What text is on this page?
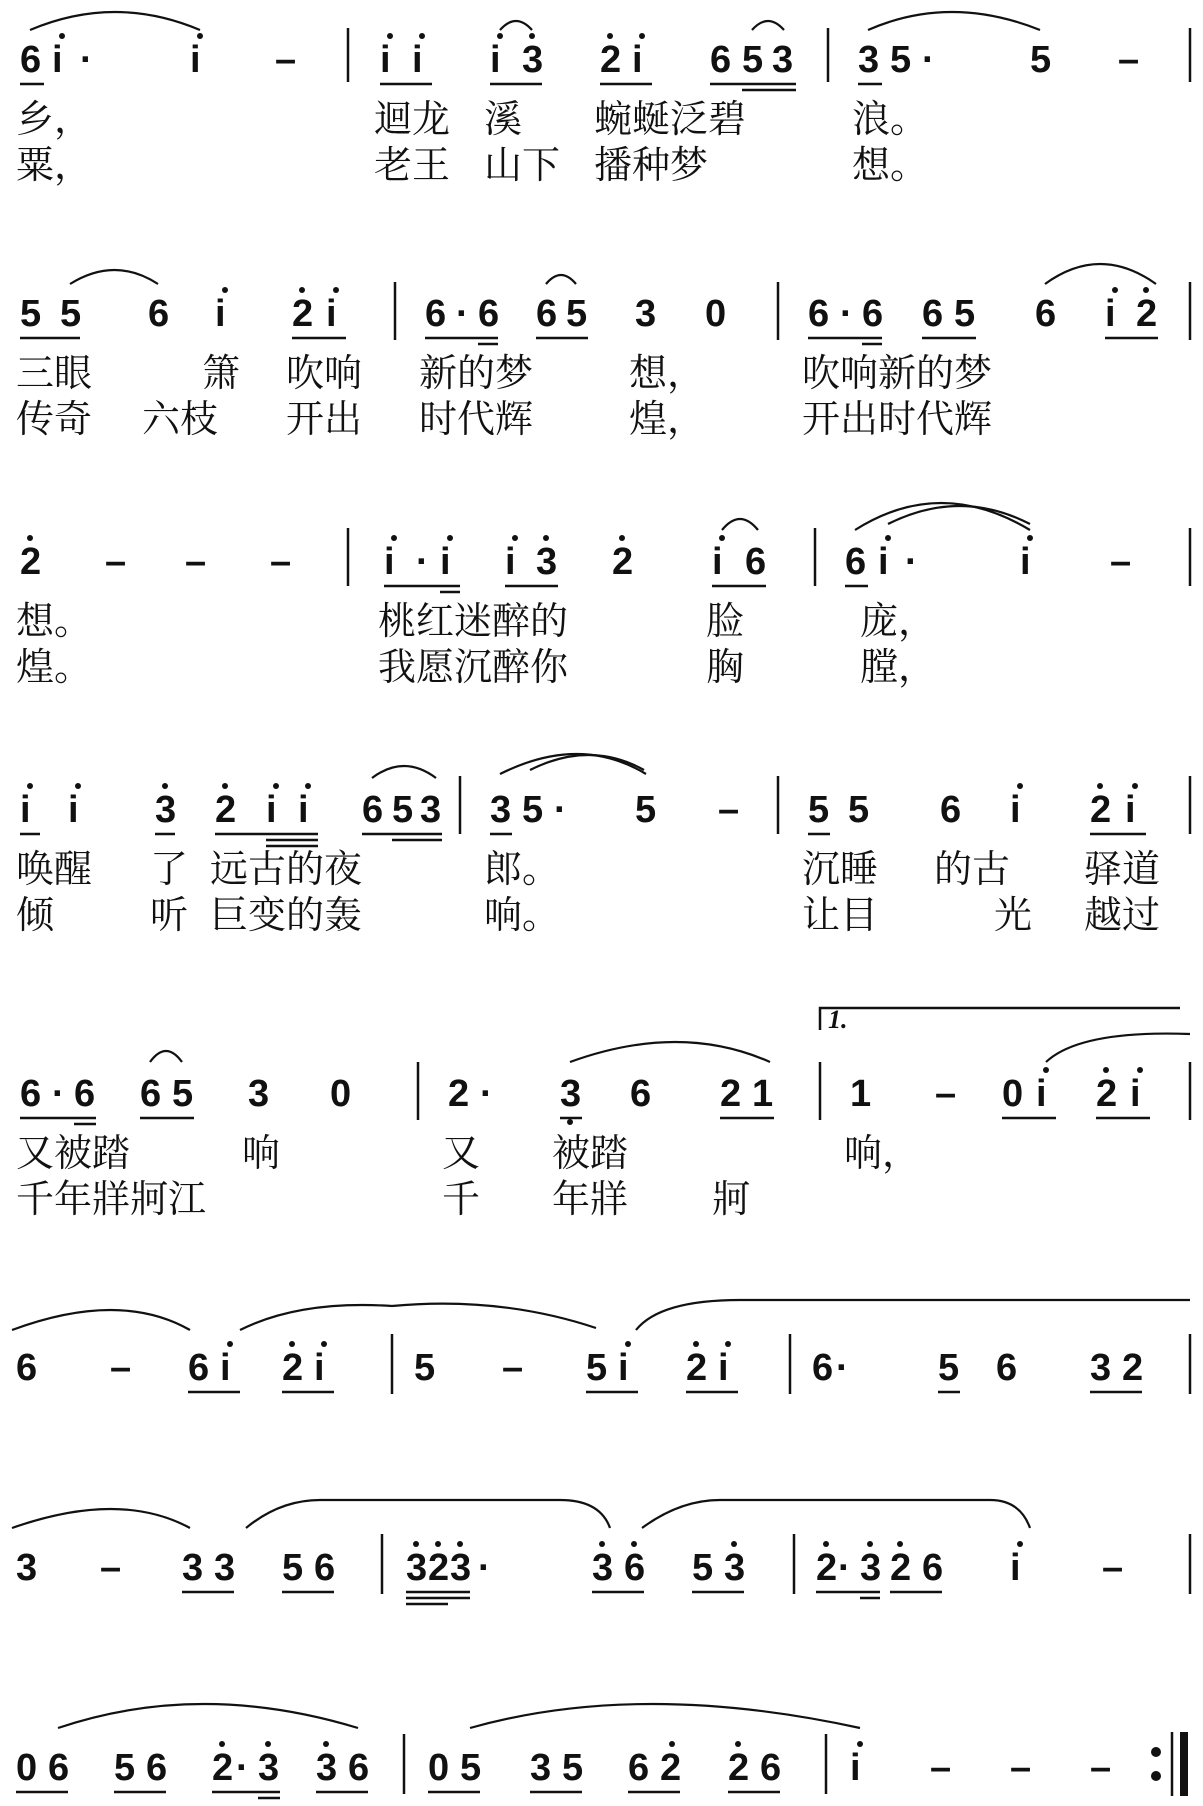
6 i ·	i – i i i 3 2 i 6 5 3 3 5 ·	5 –
乡，	迴龙 溪 蜿蜒泛碧	浪。
粟，	老王 山下 播种梦	想。
5 5 6 i 2 i 6 · 6 6 5 3 0 6 · 6 6 5 6 i 2
三眼	箫 吹响 新的梦	想，	吹响新的梦
传奇 六枝 开出 时代辉	煌，	开出时代辉
2 – – – i · i i 3 2 i 6 6 i ·	i –
想。	桃红迷醉的	脸	庞，
煌。	我愿沉醉你	胸	膛，
i i 3 2 i i 6 5 3 3 5 · 5 – 5 5 6 i 2 i
唤醒 了 远古的夜	郎。	沉睡 的古 驿道
倾	听 巨变的轰	响。	让目	光 越过
1.
6 · 6 6 5 3 0	2 · 3 6 2 1 1 – 0 i 2 i
又被踏	响	又 被踏	响，
千年牂牁江	千 年牂 牁
6 – 6 i 2 i 5 – 5 i 2 i 6 · 5 6 3 2
3 – 3 3 5 6 3 2 3 ·	3 6 5 3 2 · 3 2 6 i –
0 6 5 6 2 · 3 3 6 0 5 3 5 6 2 2 6 i – – –
